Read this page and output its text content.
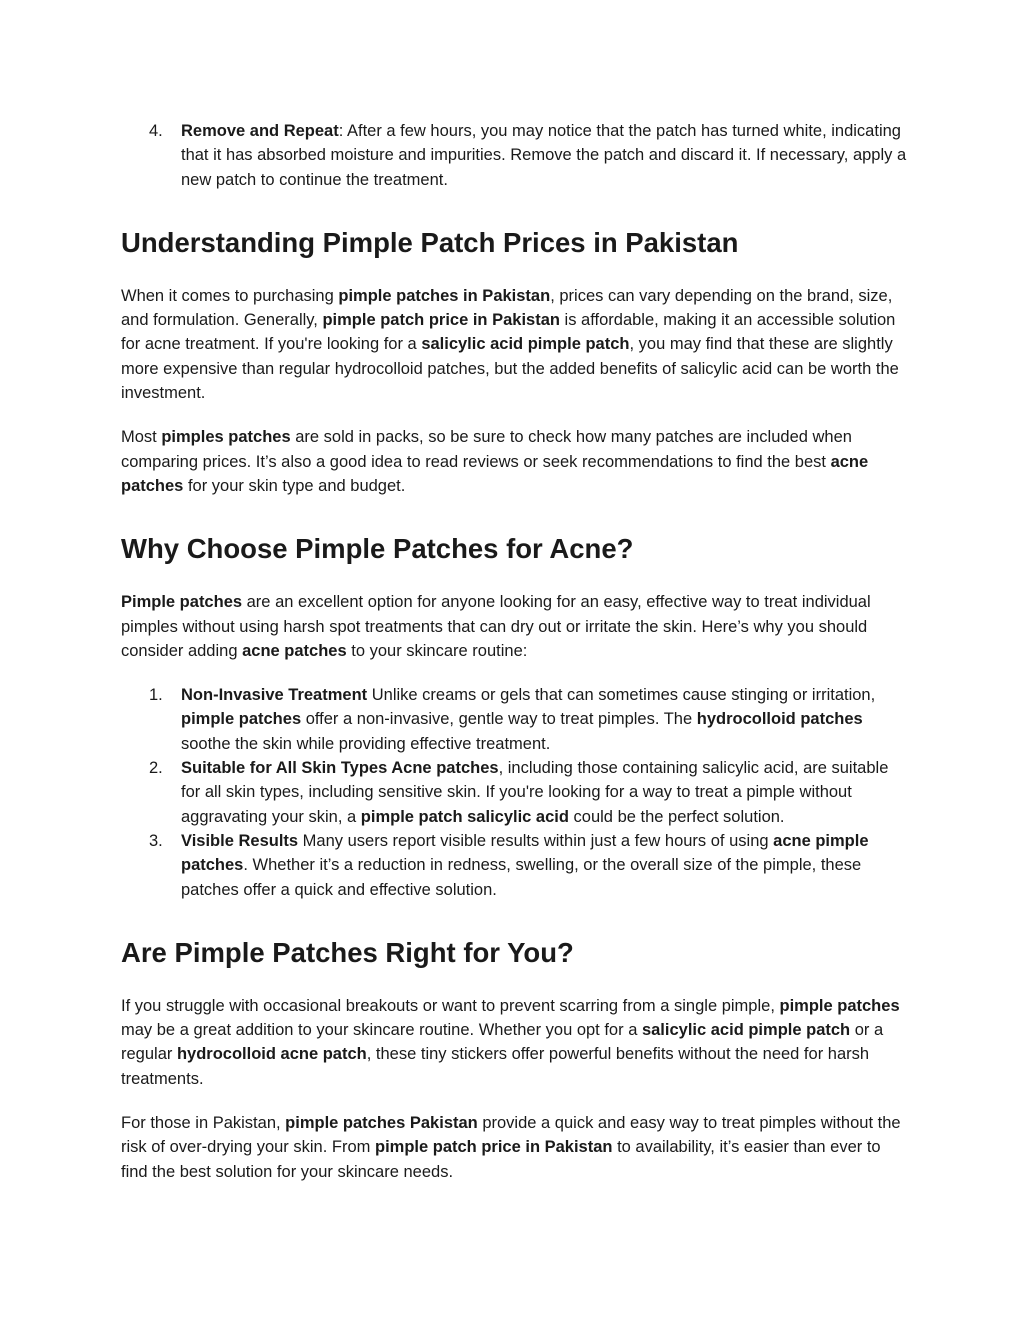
4. Remove and Repeat: After a few hours, you may notice that the patch has turned white, indicating that it has absorbed moisture and impurities. Remove the patch and discard it. If necessary, apply a new patch to continue the treatment.
Understanding Pimple Patch Prices in Pakistan

When it comes to purchasing pimple patches in Pakistan, prices can vary depending on the brand, size, and formulation. Generally, pimple patch price in Pakistan is affordable, making it an accessible solution for acne treatment. If you're looking for a salicylic acid pimple patch, you may find that these are slightly more expensive than regular hydrocolloid patches, but the added benefits of salicylic acid can be worth the investment.

Most pimples patches are sold in packs, so be sure to check how many patches are included when comparing prices. It’s also a good idea to read reviews or seek recommendations to find the best acne patches for your skin type and budget.

Why Choose Pimple Patches for Acne?

Pimple patches are an excellent option for anyone looking for an easy, effective way to treat individual pimples without using harsh spot treatments that can dry out or irritate the skin. Here’s why you should consider adding acne patches to your skincare routine:

1. Non-Invasive Treatment Unlike creams or gels that can sometimes cause stinging or irritation, pimple patches offer a non-invasive, gentle way to treat pimples. The hydrocolloid patches soothe the skin while providing effective treatment.
2. Suitable for All Skin Types Acne patches, including those containing salicylic acid, are suitable for all skin types, including sensitive skin. If you're looking for a way to treat a pimple without aggravating your skin, a pimple patch salicylic acid could be the perfect solution.
3. Visible Results Many users report visible results within just a few hours of using acne pimple patches. Whether it’s a reduction in redness, swelling, or the overall size of the pimple, these patches offer a quick and effective solution.
Are Pimple Patches Right for You?

If you struggle with occasional breakouts or want to prevent scarring from a single pimple, pimple patches may be a great addition to your skincare routine. Whether you opt for a salicylic acid pimple patch or a regular hydrocolloid acne patch, these tiny stickers offer powerful benefits without the need for harsh treatments.

For those in Pakistan, pimple patches Pakistan provide a quick and easy way to treat pimples without the risk of over-drying your skin. From pimple patch price in Pakistan to availability, it’s easier than ever to find the best solution for your skincare needs.
